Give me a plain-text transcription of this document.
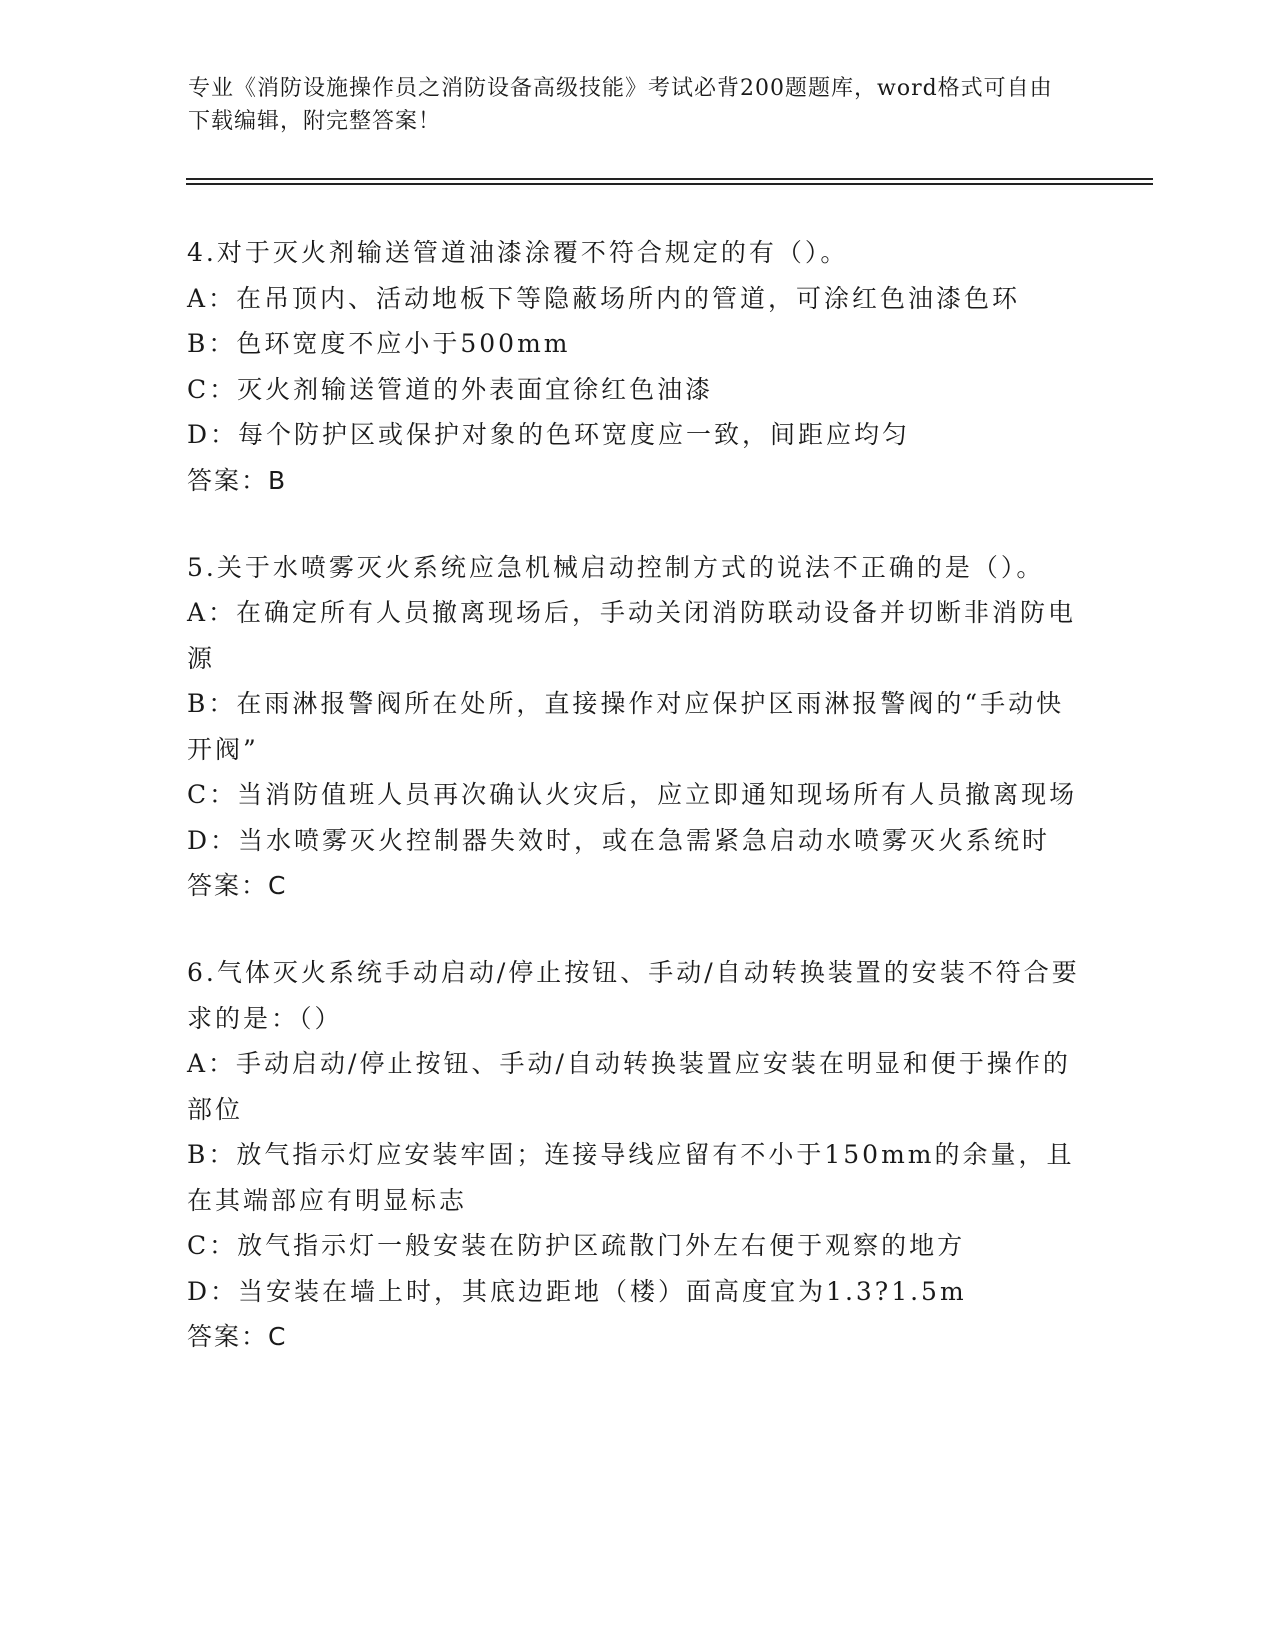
专业《消防设施操作员之消防设备高级技能》考试必背200题题库，word格式可自由下载编辑，附完整答案！
4.对于灭火剂输送管道油漆涂覆不符合规定的有（）。
A：在吊顶内、活动地板下等隐蔽场所内的管道，可涂红色油漆色环
B：色环宽度不应小于500mm
C：灭火剂输送管道的外表面宜徐红色油漆
D：每个防护区或保护对象的色环宽度应一致，间距应均匀
答案：B
5.关于水喷雾灭火系统应急机械启动控制方式的说法不正确的是（）。
A：在确定所有人员撤离现场后，手动关闭消防联动设备并切断非消防电源
B：在雨淋报警阀所在处所，直接操作对应保护区雨淋报警阀的“手动快开阀”
C：当消防值班人员再次确认火灾后，应立即通知现场所有人员撤离现场
D：当水喷雾灭火控制器失效时，或在急需紧急启动水喷雾灭火系统时
答案：C
6.气体灭火系统手动启动/停止按钮、手动/自动转换装置的安装不符合要求的是：（）
A：手动启动/停止按钮、手动/自动转换装置应安装在明显和便于操作的部位
B：放气指示灯应安装牢固；连接导线应留有不小于150mm的余量，且在其端部应有明显标志
C：放气指示灯一般安装在防护区疏散门外左右便于观察的地方
D：当安装在墙上时，其底边距地（楼）面高度宜为1.3?1.5m
答案：C
